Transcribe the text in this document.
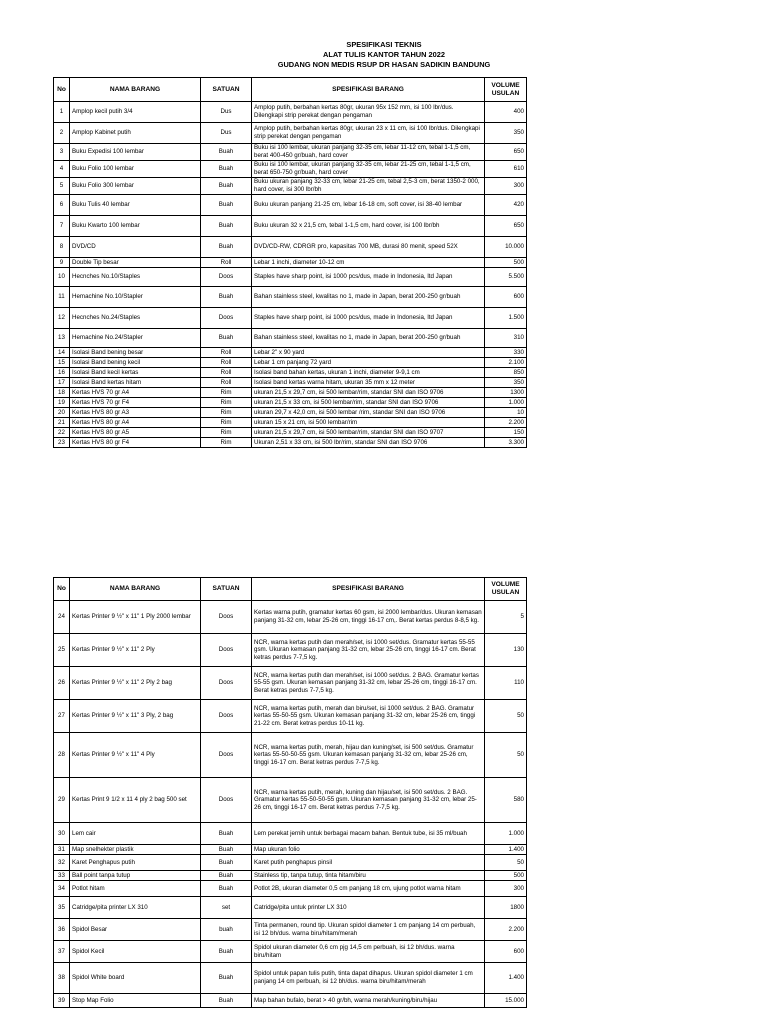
SPESIFIKASI TEKNIS
ALAT TULIS KANTOR TAHUN 2022
GUDANG NON MEDIS RSUP DR HASAN SADIKIN BANDUNG
No	NAMA BARANG	SATUAN	SPESIFIKASI BARANG	VOLUME
USULAN
1	Amplop kecil putih 3/4	Dus	Amplop putih, berbahan kertas 80gr, ukuran 95x 152 mm, isi 100 lbr/dus. Dilengkapi strip perekat dengan pengaman	400
2	Amplop Kabinet putih	Dus	Amplop putih, berbahan kertas 80gr, ukuran 23 x 11 cm, isi 100 lbr/dus. Dilengkapi strip perekat dengan pengaman	350
3	Buku Expedisi 100 lembar	Buah	Buku isi 100 lembar, ukuran panjang 32-35 cm, lebar 11-12 cm, tebal 1-1,5 cm, berat 400-450 gr/buah, hard cover	650
4	Buku Folio 100 lembar	Buah	Buku isi 100 lembar, ukuran panjang 32-35 cm, lebar 21-25 cm, tebal 1-1,5 cm, berat 650-750 gr/buah, hard cover	610
5	Buku Folio 300 lembar	Buah	Buku ukuran panjang 32-33 cm, lebar 21-25 cm, tebal 2,5-3 cm, berat 1350-2 000, hard cover, isi 300 lbr/bh	300
6	Buku Tulis 40 lembar	Buah	Buku ukuran panjang 21-25 cm, lebar 16-18 cm, soft cover, isi 38-40 lembar	420
7	Buku Kwarto 100 lembar	Buah	Buku ukuran 32 x 21,5 cm, tebal 1-1,5 cm, hard cover, isi 100 lbr/bh	650
8	DVD/CD	Buah	DVD/CD-RW, CDRGR pro, kapasitas 700 MB, durasi 80 menit, speed 52X	10.000
9	Double Tip besar	Roll	Lebar 1 inchi, diameter 10-12 cm	500
10	Hecnches No.10/Staples	Doos	Staples have sharp point, isi 1000 pcs/dus, made in Indonesia, ltd Japan	5.500
11	Hemachine No.10/Stapler	Buah	Bahan stainless steel, kwalitas no 1, made in Japan, berat 200-250 gr/buah	600
12	Hecnches No.24/Staples	Doos	Staples have sharp point, isi 1000 pcs/dus, made in Indonesia, ltd Japan	1.500
13	Hemachine No.24/Stapler	Buah	Bahan stainless steel, kwalitas no 1, made in Japan, berat 200-250 gr/buah	310
14	Isolasi Band bening besar	Roll	Lebar 2" x 90 yard	330
15	Isolasi Band bening kecil	Roll	Lebar 1 cm panjang 72 yard	2.100
16	Isolasi Band kecil kertas	Roll	Isolasi band bahan kertas, ukuran 1 inchi, diameter 9-9,1 cm	850
17	Isolasi Band kertas hitam	Roll	Isolasi band kertas warna hitam, ukuran 35 mm x 12 meter	350
18	Kertas HVS 70 gr A4	Rim	ukuran 21,5 x 29,7 cm, isi 500 lembar/rim, standar SNI dan ISO 9706	1300
19	Kertas HVS 70 gr F4	Rim	ukuran 21,5 x 33 cm, isi 500 lembar/rim, standar SNI dan ISO 9706	1.000
20	Kertas HVS 80 gr A3	Rim	ukuran 29,7 x 42,0 cm, isi 500 lembar /rim, standar SNI dan ISO 9706	10
21	Kertas HVS 80 gr A4	Rim	ukuran 15 x 21 cm, isi 500 lembar/rim	2.200
22	Kertas HVS 80 gr A5	Rim	ukuran 21,5 x 29,7 cm, isi 500 lembar/rim, standar SNI dan ISO 9707	150
23	Kertas HVS 80 gr F4	Rim	Ukuran 2,51 x 33 cm, isi 500 lbr/rim, standar SNI dan ISO 9706	3.300
No	NAMA BARANG	SATUAN	SPESIFIKASI BARANG	VOLUME
USULAN
24	Kertas Printer 9 ½" x 11" 1 Ply 2000 lembar	Doos	Kertas warna putih, gramatur kertas 60 gsm, isi 2000 lembar/dus. Ukuran kemasan panjang 31-32 cm, lebar 25-26 cm, tinggi 16-17 cm,. Berat kertas perdus 8-8,5 kg.	5
25	Kertas Printer 9 ½" x 11" 2 Ply	Doos	NCR, warna kertas putih dan merah/set, isi 1000 set/dus. Gramatur kertas 55-55 gsm. Ukuran kemasan panjang 31-32 cm, lebar 25-26 cm, tinggi 16-17 cm. Berat ketras perdus 7-7,5 kg.	130
26	Kertas Printer 9 ½" x 11" 2 Ply 2 bag	Doos	NCR, warna kertas putih dan merah/set, isi 1000 set/dus. 2 BAG. Gramatur kertas 55-55 gsm. Ukuran kemasan panjang 31-32 cm, lebar 25-26 cm, tinggi 16-17 cm. Berat ketras perdus 7-7,5 kg.	110
27	Kertas Printer 9 ½" x 11" 3 Ply, 2 bag	Doos	NCR, warna kertas putih, merah dan biru/set, isi 1000 set/dus. 2 BAG. Gramatur kertas 55-50-55 gsm. Ukuran kemasan panjang 31-32 cm, lebar 25-26 cm, tinggi 21-22 cm. Berat ketras perdus 10-11 kg.	50
28	Kertas Printer 9 ½" x 11" 4 Ply	Doos	NCR, warna kertas putih, merah, hijau dan kuning/set, isi 500 set/dus. Gramatur kertas 55-50-50-55 gsm. Ukuran kemasan panjang 31-32 cm, lebar 25-26 cm, tinggi 16-17 cm. Berat ketras perdus 7-7,5 kg.	50
29	Kertas Print 9 1/2 x 11 4 ply 2 bag 500 set	Doos	NCR, warna kertas putih, merah, kuning dan hijau/set, isi 500 set/dus. 2 BAG. Gramatur kertas 55-50-50-55 gsm. Ukuran kemasan panjang 31-32 cm, lebar 25-26 cm, tinggi 16-17 cm. Berat ketras perdus 7-7,5 kg.	580
30	Lem cair	Buah	Lem perekat jernih untuk berbagai macam bahan. Bentuk tube, isi 35 ml/buah	1.000
31	Map snelhekter plastik	Buah	Map ukuran folio	1.400
32	Karet Penghapus putih	Buah	Karet putih penghapus pinsil	50
33	Ball point tanpa tutup	Buah	Stainless tip, tanpa tutup, tinta hitam/biru	500
34	Potlot hitam	Buah	Potlot 2B, ukuran diameter 0,5 cm panjang 18 cm, ujung potlot warna hitam	300
35	Catridge/pita printer LX 310	set	Catridge/pita untuk printer LX 310	1800
36	Spidol Besar	buah	Tinta permanen, round tip. Ukuran spidol diameter 1 cm panjang 14 cm perbuah, isi 12 bh/dus. warna biru/hitam/merah	2.200
37	Spidol Kecil	Buah	Spidol ukuran diameter 0,6 cm pjg 14,5 cm perbuah, isi 12 bh/dus. warna biru/hitam	600
38	Spidol White board	Buah	Spidol untuk papan tulis putih, tinta dapat dihapus. Ukuran spidol diameter 1 cm panjang 14 cm perbuah, isi 12 bh/dus. warna biru/hitam/merah	1.400
39	Stop Map Folio	Buah	Map bahan bufalo, berat > 40 gr/bh, warna merah/kuning/biru/hijau	15.000
